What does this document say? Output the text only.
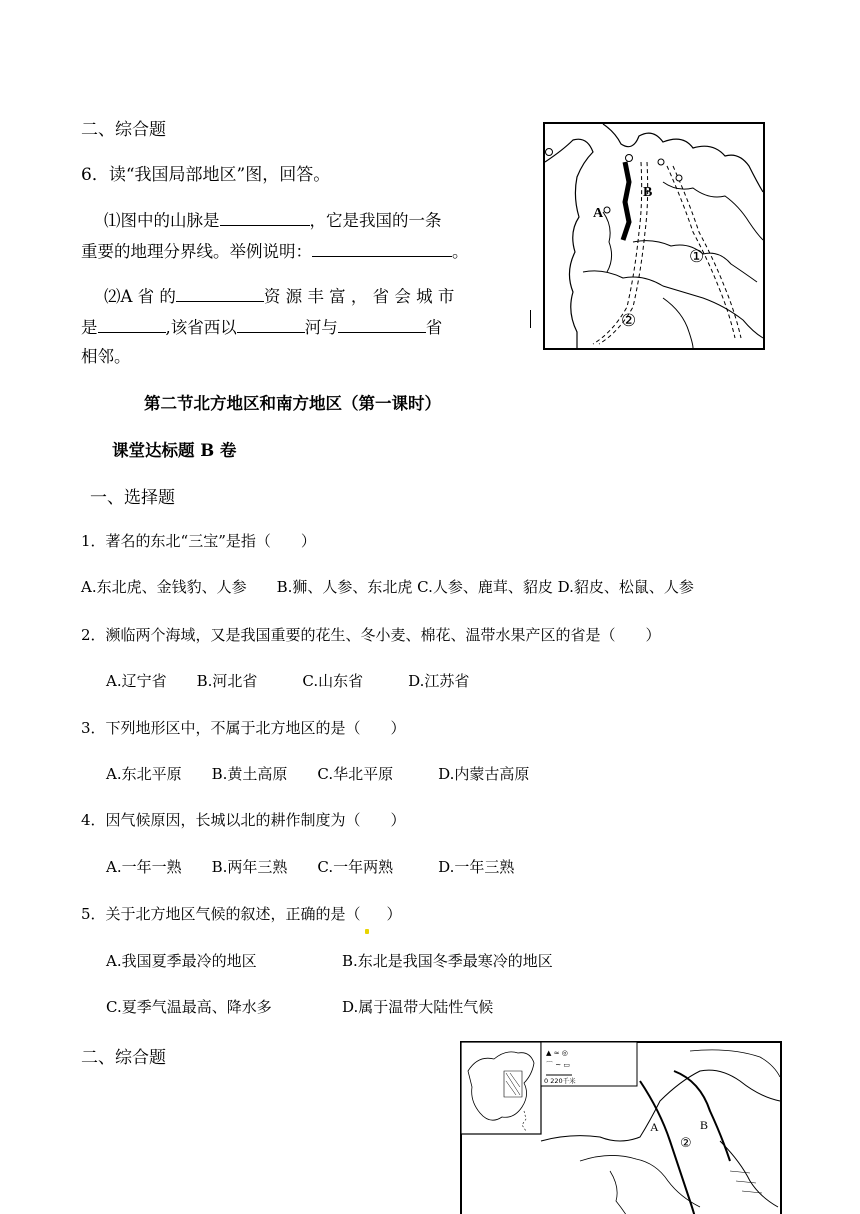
二、综合题
6．读“我国局部地区”图，回答。
⑴图中的山脉是	，它是我国的一条
重要的地理分界线。举例说明：	。
⑵A 省 的	资 源 丰 富 ， 省 会 城 市
是	,该省西以	河与	省
相邻。
A
B
①
②
第二节北方地区和南方地区（第一课时）
课堂达标题 B 卷
一、选择题
1．著名的东北“三宝”是指（　　）
A.东北虎、金钱豹、人参　　B.狮、人参、东北虎 C.人参、鹿茸、貂皮 D.貂皮、松鼠、人参
2．濒临两个海域，又是我国重要的花生、冬小麦、棉花、温带水果产区的省是（　　）
A.辽宁省　　B.河北省　　　C.山东省　　　D.江苏省
3．下列地形区中，不属于北方地区的是（　　）
A.东北平原　　B.黄土高原　　C.华北平原　　　D.内蒙古高原
4．因气候原因，长城以北的耕作制度为（　　）
A.一年一熟　　B.两年三熟　　C.一年两熟　　　D.一年三熟
5．关于北方地区气候的叙述，正确的是（ ）
A.我国夏季最冷的地区	B.东北是我国冬季最寒冷的地区
C.夏季气温最高、降水多	D.属于温带大陆性气候
二、综合题	▲ ≈ ◎
⌒ ~ ▭
0 220千米
A	B
②
